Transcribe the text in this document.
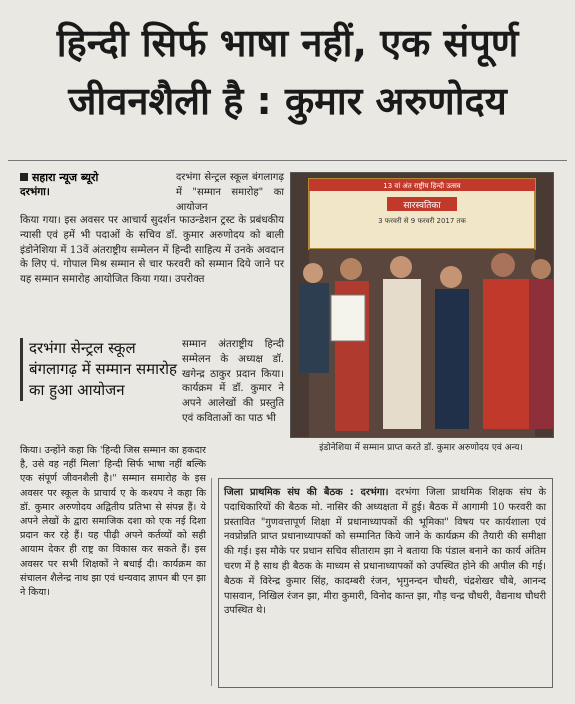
हिन्दी सिर्फ भाषा नहीं, एक संपूर्ण
जीवनशैली है : कुमार अरुणोदय
सहारा न्यूज ब्यूरो
दरभंगा।
दरभंगा सेन्ट्रल स्कूल बंगलागढ़ में "सम्मान समारोह" का आयोजन
किया गया। इस अवसर पर आचार्य सुदर्शन फाउन्डेशन ट्रस्ट के प्रबंधकीय न्यासी एवं हमें भी पदाओं के सचिव डॉ. कुमार अरुणोदय को बाली इंडोनेशिया में 13वें अंतराष्ट्रीय सम्मेलन में हिन्दी साहित्य में उनके अवदान के लिए पं. गोपाल मिश्र सम्मान से चार फरवरी को सम्मान दिये जाने पर यह सम्मान समारोह आयोजित किया गया। उपरोक्त
दरभंगा सेन्ट्रल स्कूल बंगलागढ़ में सम्मान समारोह का हुआ आयोजन
सम्मान अंतराष्ट्रीय हिन्दी सम्मेलन के अध्यक्ष डॉ. खगेन्द्र ठाकुर प्रदान किया। कार्यक्रम में डॉ. कुमार ने अपने आलेखों की प्रस्तुति एवं कविताओं का पाठ भी
किया। उन्होंने कहा कि 'हिन्दी जिस सम्मान का हकदार है, उसे वह नहीं मिला' हिन्दी सिर्फ भाषा नहीं बल्कि एक संपूर्ण जीवनशैली है।" सम्मान समारोह के इस अवसर पर स्कूल के प्राचार्य ए के कश्यप ने कहा कि डॉ. कुमार अरुणोदय अद्वितीय प्रतिभा से संपन्न हैं। ये अपने लेखों के द्वारा समाजिक दशा को एक नई दिशा प्रदान कर रहे हैं। यह पीढ़ी अपने कर्तव्यों को सही आयाम देकर ही राष्ट्र का विकास कर सकते हैं। इस अवसर पर सभी शिक्षकों ने बधाई दी। कार्यक्रम का संचालन शैलेन्द्र नाथ झा एवं धन्यवाद ज्ञापन बी एन झा ने किया।
13 वां अंत राष्ट्रीय हिन्दी उत्सव
सारस्वतिका
3 फरवरी से 9 फरवरी 2017 तक
इंडोनेशिया में सम्मान प्राप्त करते डॉ. कुमार अरुणोदय एवं अन्य।
जिला प्राथमिक संघ की बैठक : दरभंगा। दरभंगा जिला प्राथमिक शिक्षक संघ के पदाधिकारियों की बैठक मो. नासिर की अध्यक्षता में हुई। बैठक में आगामी 10 फरवरी का प्रस्तावित "गुणवत्तापूर्ण शिक्षा में प्रधानाध्यापकों की भूमिका" विषय पर कार्यशाला एवं नवप्रोन्नति प्राप्त प्रधानाध्यापकों को सम्मानित किये जाने के कार्यक्रम की तैयारी की समीक्षा की गई। इस मौके पर प्रधान सचिव सीताराम झा ने बताया कि पंडाल बनाने का कार्य अंतिम चरण में है साथ ही बैठक के माध्यम से प्रधानाध्यापकों को उपस्थित होने की अपील की गई। बैठक में विरेन्द्र कुमार सिंह, कादम्बरी रंजन, भृगुनन्दन चौधरी, चंद्रशेखर चौबे, आनन्द पासवान, निखिल रंजन झा, मीरा कुमारी, विनोद कान्त झा, गौड़ चन्द्र चौधरी, वैद्यनाथ चौधरी उपस्थित थे।
